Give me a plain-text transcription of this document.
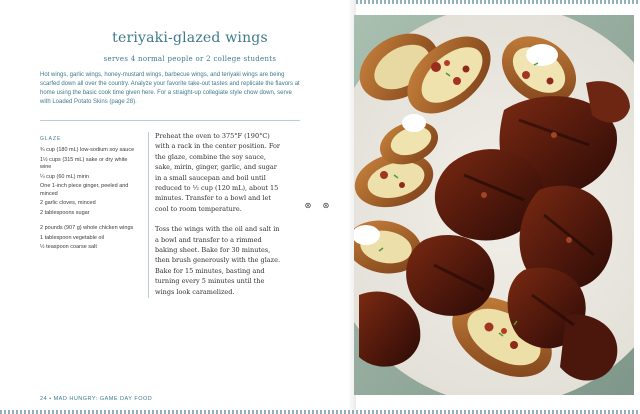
teriyaki-glazed wings
serves 4 normal people or 2 college students
Hot wings, garlic wings, honey-mustard wings, barbecue wings, and teriyaki wings are being scarfed down all over the country. Analyze your favorite take-out tastes and replicate the flavors at home using the basic cook time given here. For a straight-up collegiate style chow down, serve with Loaded Potato Skins (page 28).
GLAZE
¾ cup (180 mL) low-sodium soy sauce
1½ cups (315 mL) sake or dry white wine
¼ cup (60 mL) mirin
One 1-inch piece ginger, peeled and minced
2 garlic cloves, minced
2 tablespoons sugar
2 pounds (907 g) whole chicken wings
1 tablespoon vegetable oil
½ teaspoon coarse salt

Preheat the oven to 375°F (190°C) with a rack in the center position. For the glaze, combine the soy sauce, sake, mirin, ginger, garlic, and sugar in a small saucepan and boil until reduced to ½ cup (120 mL), about 15 minutes. Transfer to a bowl and let cool to room temperature.

Toss the wings with the oil and salt in a bowl and transfer to a rimmed baking sheet. Bake for 30 minutes, then brush generously with the glaze. Bake for 15 minutes, basting and turning every 5 minutes until the wings look caramelized.

24 • MAD HUNGRY: GAME DAY FOOD
⊛ ⊛
